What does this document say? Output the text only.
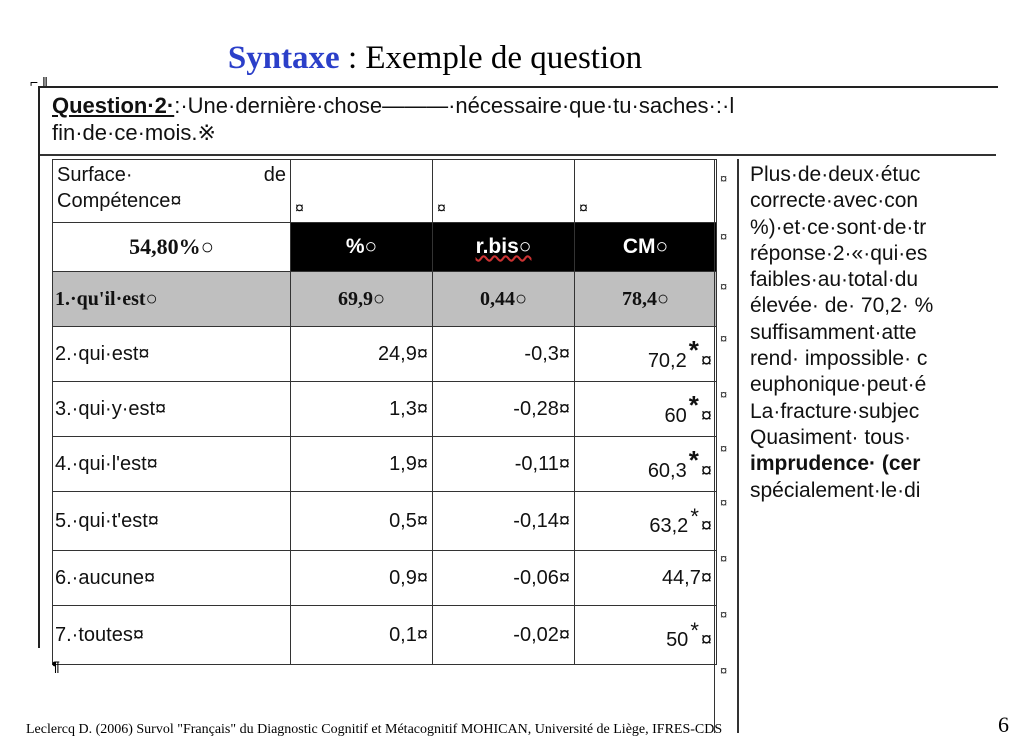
Syntaxe : Exemple de question
⌐ ‖
Question·2·:·Une·dernière·chose———·nécessaire·que·tu·saches·:·l
fin·de·ce·mois.※
Surface· de

Compétence¤	¤	¤	¤
54,80%○	%○	r.bis○	CM○
1.·qu'il·est○	69,9○	0,44○	78,4○
2.·qui·est¤	24,9¤	-0,3¤	70,2* ¤
3.·qui·y·est¤	1,3¤	-0,28¤	60* ¤
4.·qui·l'est¤	1,9¤	-0,11¤	60,3* ¤
5.·qui·t'est¤	0,5¤	-0,14¤	63,2* ¤
6.·aucune¤	0,9¤	-0,06¤	44,7¤
7.·toutes¤	0,1¤	-0,02¤	50* ¤
¤
¤
¤
¤
¤
¤
¤
¤
¤
¤
Plus·de·deux·étuc
correcte·avec·con
%)·et·ce·sont·de·tr
réponse·2·«·qui·es
faibles·au·total·du
élevée· de· 70,2· %
suffisamment·atte
rend· impossible· c
euphonique·peut·é
La·fracture·subjec
Quasiment· tous·
imprudence· (cer
spécialement·le·di
¶
Leclercq D. (2006) Survol "Français" du Diagnostic Cognitif et Métacognitif MOHICAN, Université de Liège, IFRES-CDS	6
